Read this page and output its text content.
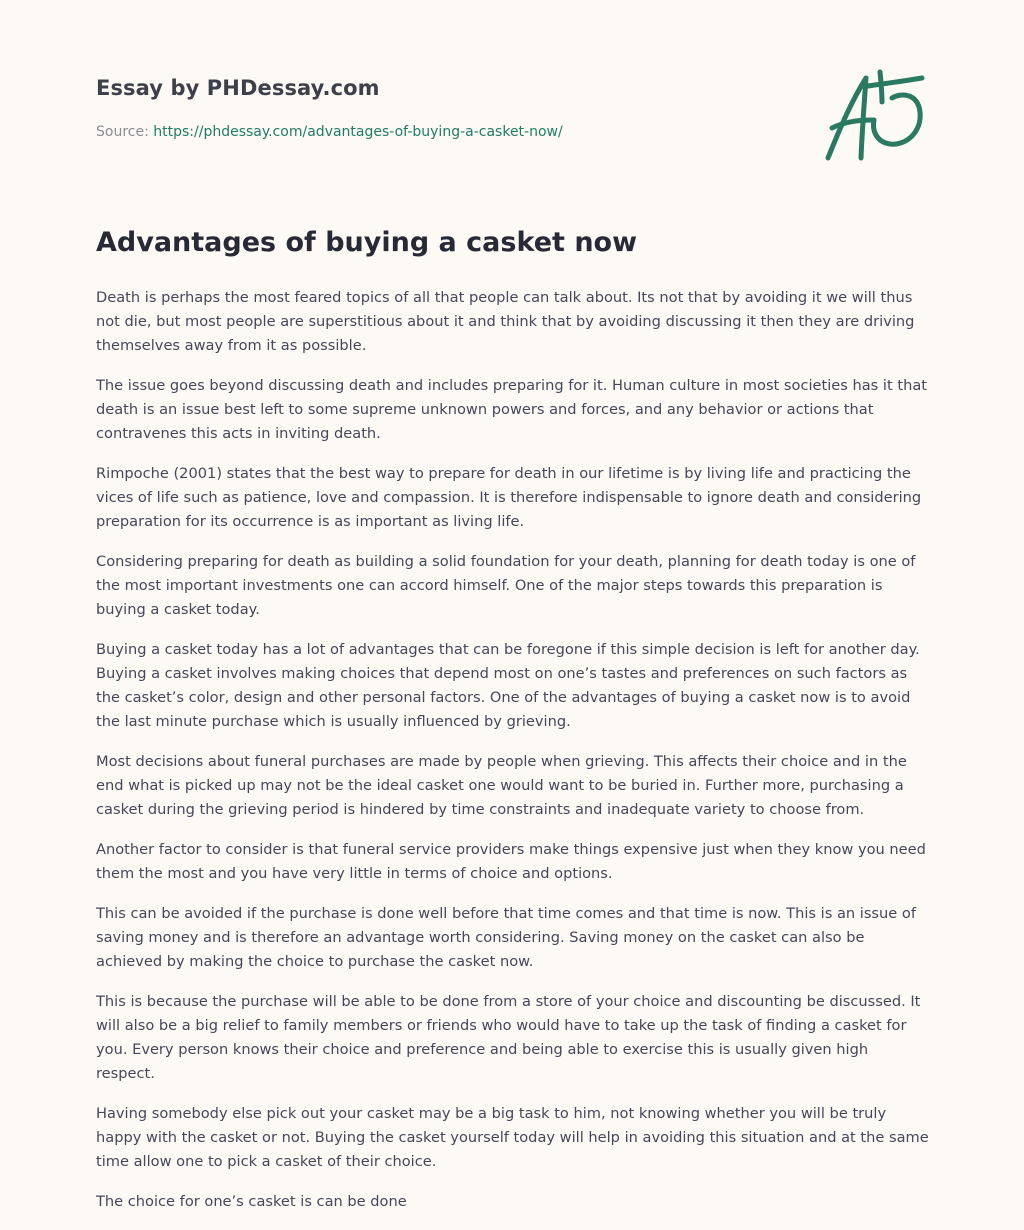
Essay by PHDessay.com
Source: https://phdessay.com/advantages-of-buying-a-casket-now/
Advantages of buying a casket now

Death is perhaps the most feared topics of all that people can talk about. Its not that by avoiding it we will thus not die, but most people are superstitious about it and think that by avoiding discussing it then they are driving themselves away from it as possible.

The issue goes beyond discussing death and includes preparing for it. Human culture in most societies has it that death is an issue best left to some supreme unknown powers and forces, and any behavior or actions that contravenes this acts in inviting death.

Rimpoche (2001) states that the best way to prepare for death in our lifetime is by living life and practicing the vices of life such as patience, love and compassion. It is therefore indispensable to ignore death and considering preparation for its occurrence is as important as living life.

Considering preparing for death as building a solid foundation for your death, planning for death today is one of the most important investments one can accord himself. One of the major steps towards this preparation is buying a casket today.

Buying a casket today has a lot of advantages that can be foregone if this simple decision is left for another day. Buying a casket involves making choices that depend most on one’s tastes and preferences on such factors as the casket’s color, design and other personal factors. One of the advantages of buying a casket now is to avoid the last minute purchase which is usually influenced by grieving.

Most decisions about funeral purchases are made by people when grieving. This affects their choice and in the end what is picked up may not be the ideal casket one would want to be buried in. Further more, purchasing a casket during the grieving period is hindered by time constraints and inadequate variety to choose from.

Another factor to consider is that funeral service providers make things expensive just when they know you need them the most and you have very little in terms of choice and options.

This can be avoided if the purchase is done well before that time comes and that time is now. This is an issue of saving money and is therefore an advantage worth considering. Saving money on the casket can also be achieved by making the choice to purchase the casket now.

This is because the purchase will be able to be done from a store of your choice and discounting be discussed. It will also be a big relief to family members or friends who would have to take up the task of finding a casket for you. Every person knows their choice and preference and being able to exercise this is usually given high respect.

Having somebody else pick out your casket may be a big task to him, not knowing whether you will be truly happy with the casket or not. Buying the casket yourself today will help in avoiding this situation and at the same time allow one to pick a casket of their choice.

The choice for one’s casket is can be done
